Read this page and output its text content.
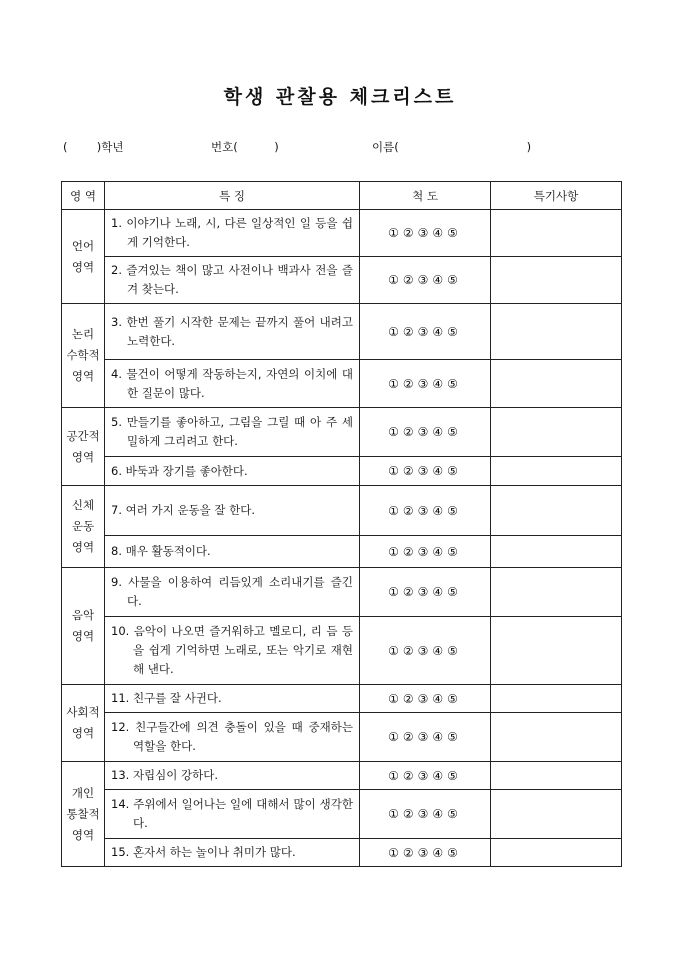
학생 관찰용 체크리스트
(        )학년	번호(          )	이름(                                   )
영 역	특 징	척 도	특기사항
언어
영역	1. 이야기나 노래, 시, 다른 일상적인 일 등을 쉽게 기억한다.	①②③④⑤	

	2. 즐겨있는 책이 많고 사전이나 백과사 전을 즐겨 찾는다.	①②③④⑤	
논리
수학적
영역	3. 한번 풀기 시작한 문제는 끝까지 풀어 내려고 노력한다.	①②③④⑤	

	4. 물건이 어떻게 작동하는지, 자연의 이치에 대한 질문이 많다.	①②③④⑤	
공간적
영역	5. 만들기를 좋아하고, 그림을 그릴 때 아 주 세밀하게 그리려고 한다.	①②③④⑤	

	6. 바둑과 장기를 좋아한다.	①②③④⑤	
신체
운동
영역	7. 여러 가지 운동을 잘 한다.	①②③④⑤	

	8. 매우 활동적이다.	①②③④⑤	
음악
영역	9. 사물을 이용하여 리듬있게 소리내기를 즐긴다.	①②③④⑤	

	10. 음악이 나오면 즐거워하고 멜로디, 리 듬 등을 쉽게 기억하면 노래로, 또는 악기로 재현해 낸다.	①②③④⑤	
사회적
영역	11. 친구를 잘 사귄다.	①②③④⑤	

	12. 친구들간에 의견 충돌이 있을 때 중재하는 역할을 한다.	①②③④⑤	
개인
통찰적
영역	13. 자립심이 강하다.	①②③④⑤	

	14. 주위에서 일어나는 일에 대해서 많이 생각한다.	①②③④⑤	

	15. 혼자서 하는 놀이나 취미가 많다.	①②③④⑤	
